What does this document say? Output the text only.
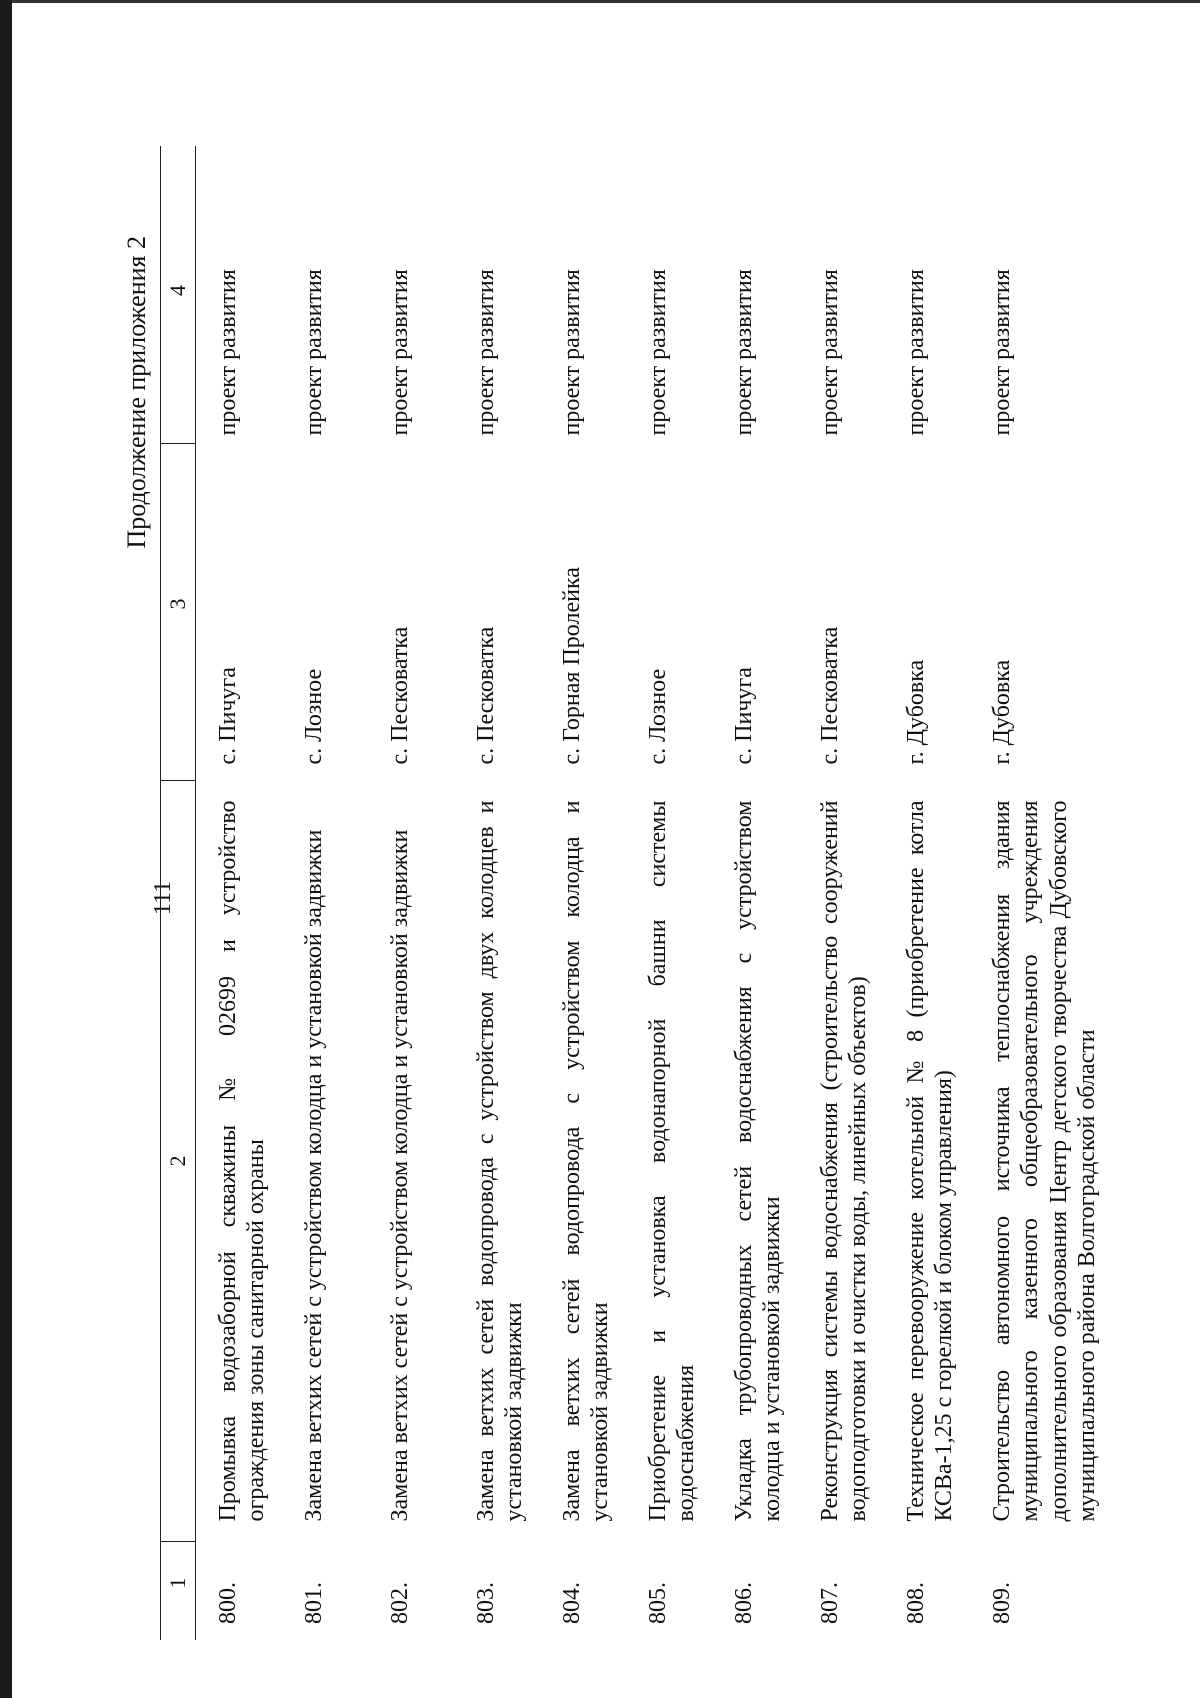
111
Продолжение приложения 2
1	2	3	4
800.	Промывка водозаборной скважины № 02699 и устройство ограждения зоны санитарной охраны	с. Пичуга	проект развития
801.	Замена ветхих сетей с устройством колодца и установкой задвижки	с. Лозное	проект развития
802.	Замена ветхих сетей с устройством колодца и установкой задвижки	с. Песковатка	проект развития
803.	Замена ветхих сетей водопровода с устройством двух колодцев и установкой задвижки	с. Песковатка	проект развития
804.	Замена ветхих сетей водопровода с устройством колодца и установкой задвижки	с. Горная Пролейка	проект развития
805.	Приобретение и установка водонапорной башни системы водоснабжения	с. Лозное	проект развития
806.	Укладка трубопроводных сетей водоснабжения с устройством колодца и установкой задвижки	с. Пичуга	проект развития
807.	Реконструкция системы водоснабжения (строительство сооружений водоподготовки и очистки воды, линейных объектов)	с. Песковатка	проект развития
808.	Техническое перевооружение котельной № 8 (приобретение котла КСВа-1,25 с горелкой и блоком управления)	г. Дубовка	проект развития
809.	Строительство автономного источника теплоснабжения здания муниципального казенного общеобразовательного учреждения дополнительного образования Центр детского творчества Дубовского муниципального района Волгоградской области	г. Дубовка	проект развития
